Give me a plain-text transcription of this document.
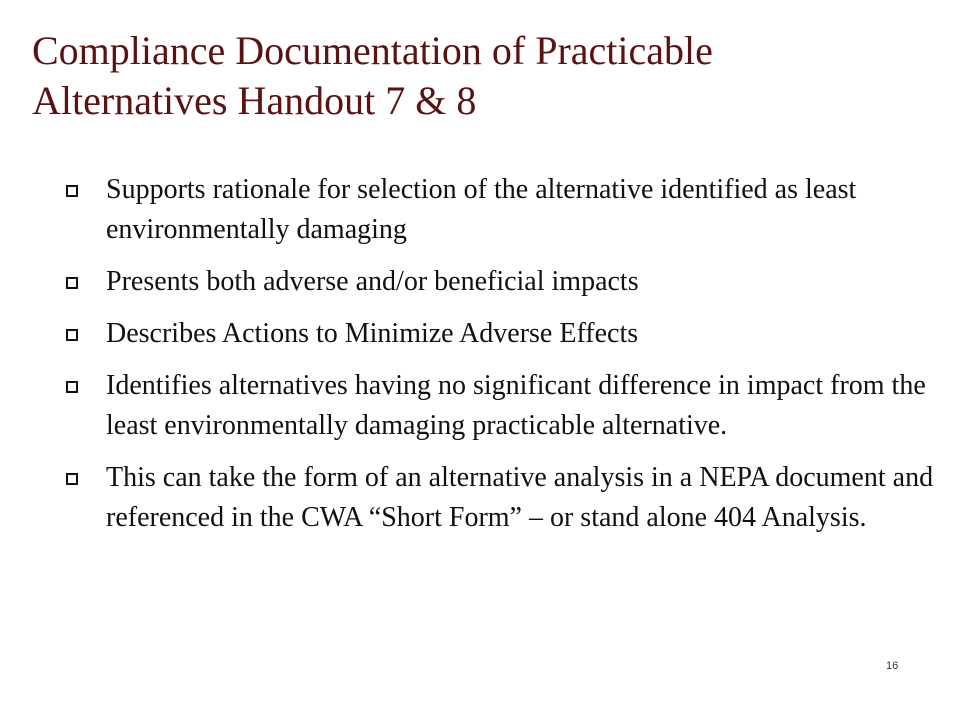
Compliance Documentation of Practicable
Alternatives Handout 7 & 8
Supports rationale for selection of the alternative identified as least environmentally damaging
Presents both adverse and/or beneficial impacts
Describes Actions to Minimize Adverse Effects
Identifies alternatives having no significant difference in impact from the least environmentally damaging practicable alternative.
This can take the form of an alternative analysis in a NEPA document and referenced in the CWA “Short Form” – or stand alone 404 Analysis.
16
